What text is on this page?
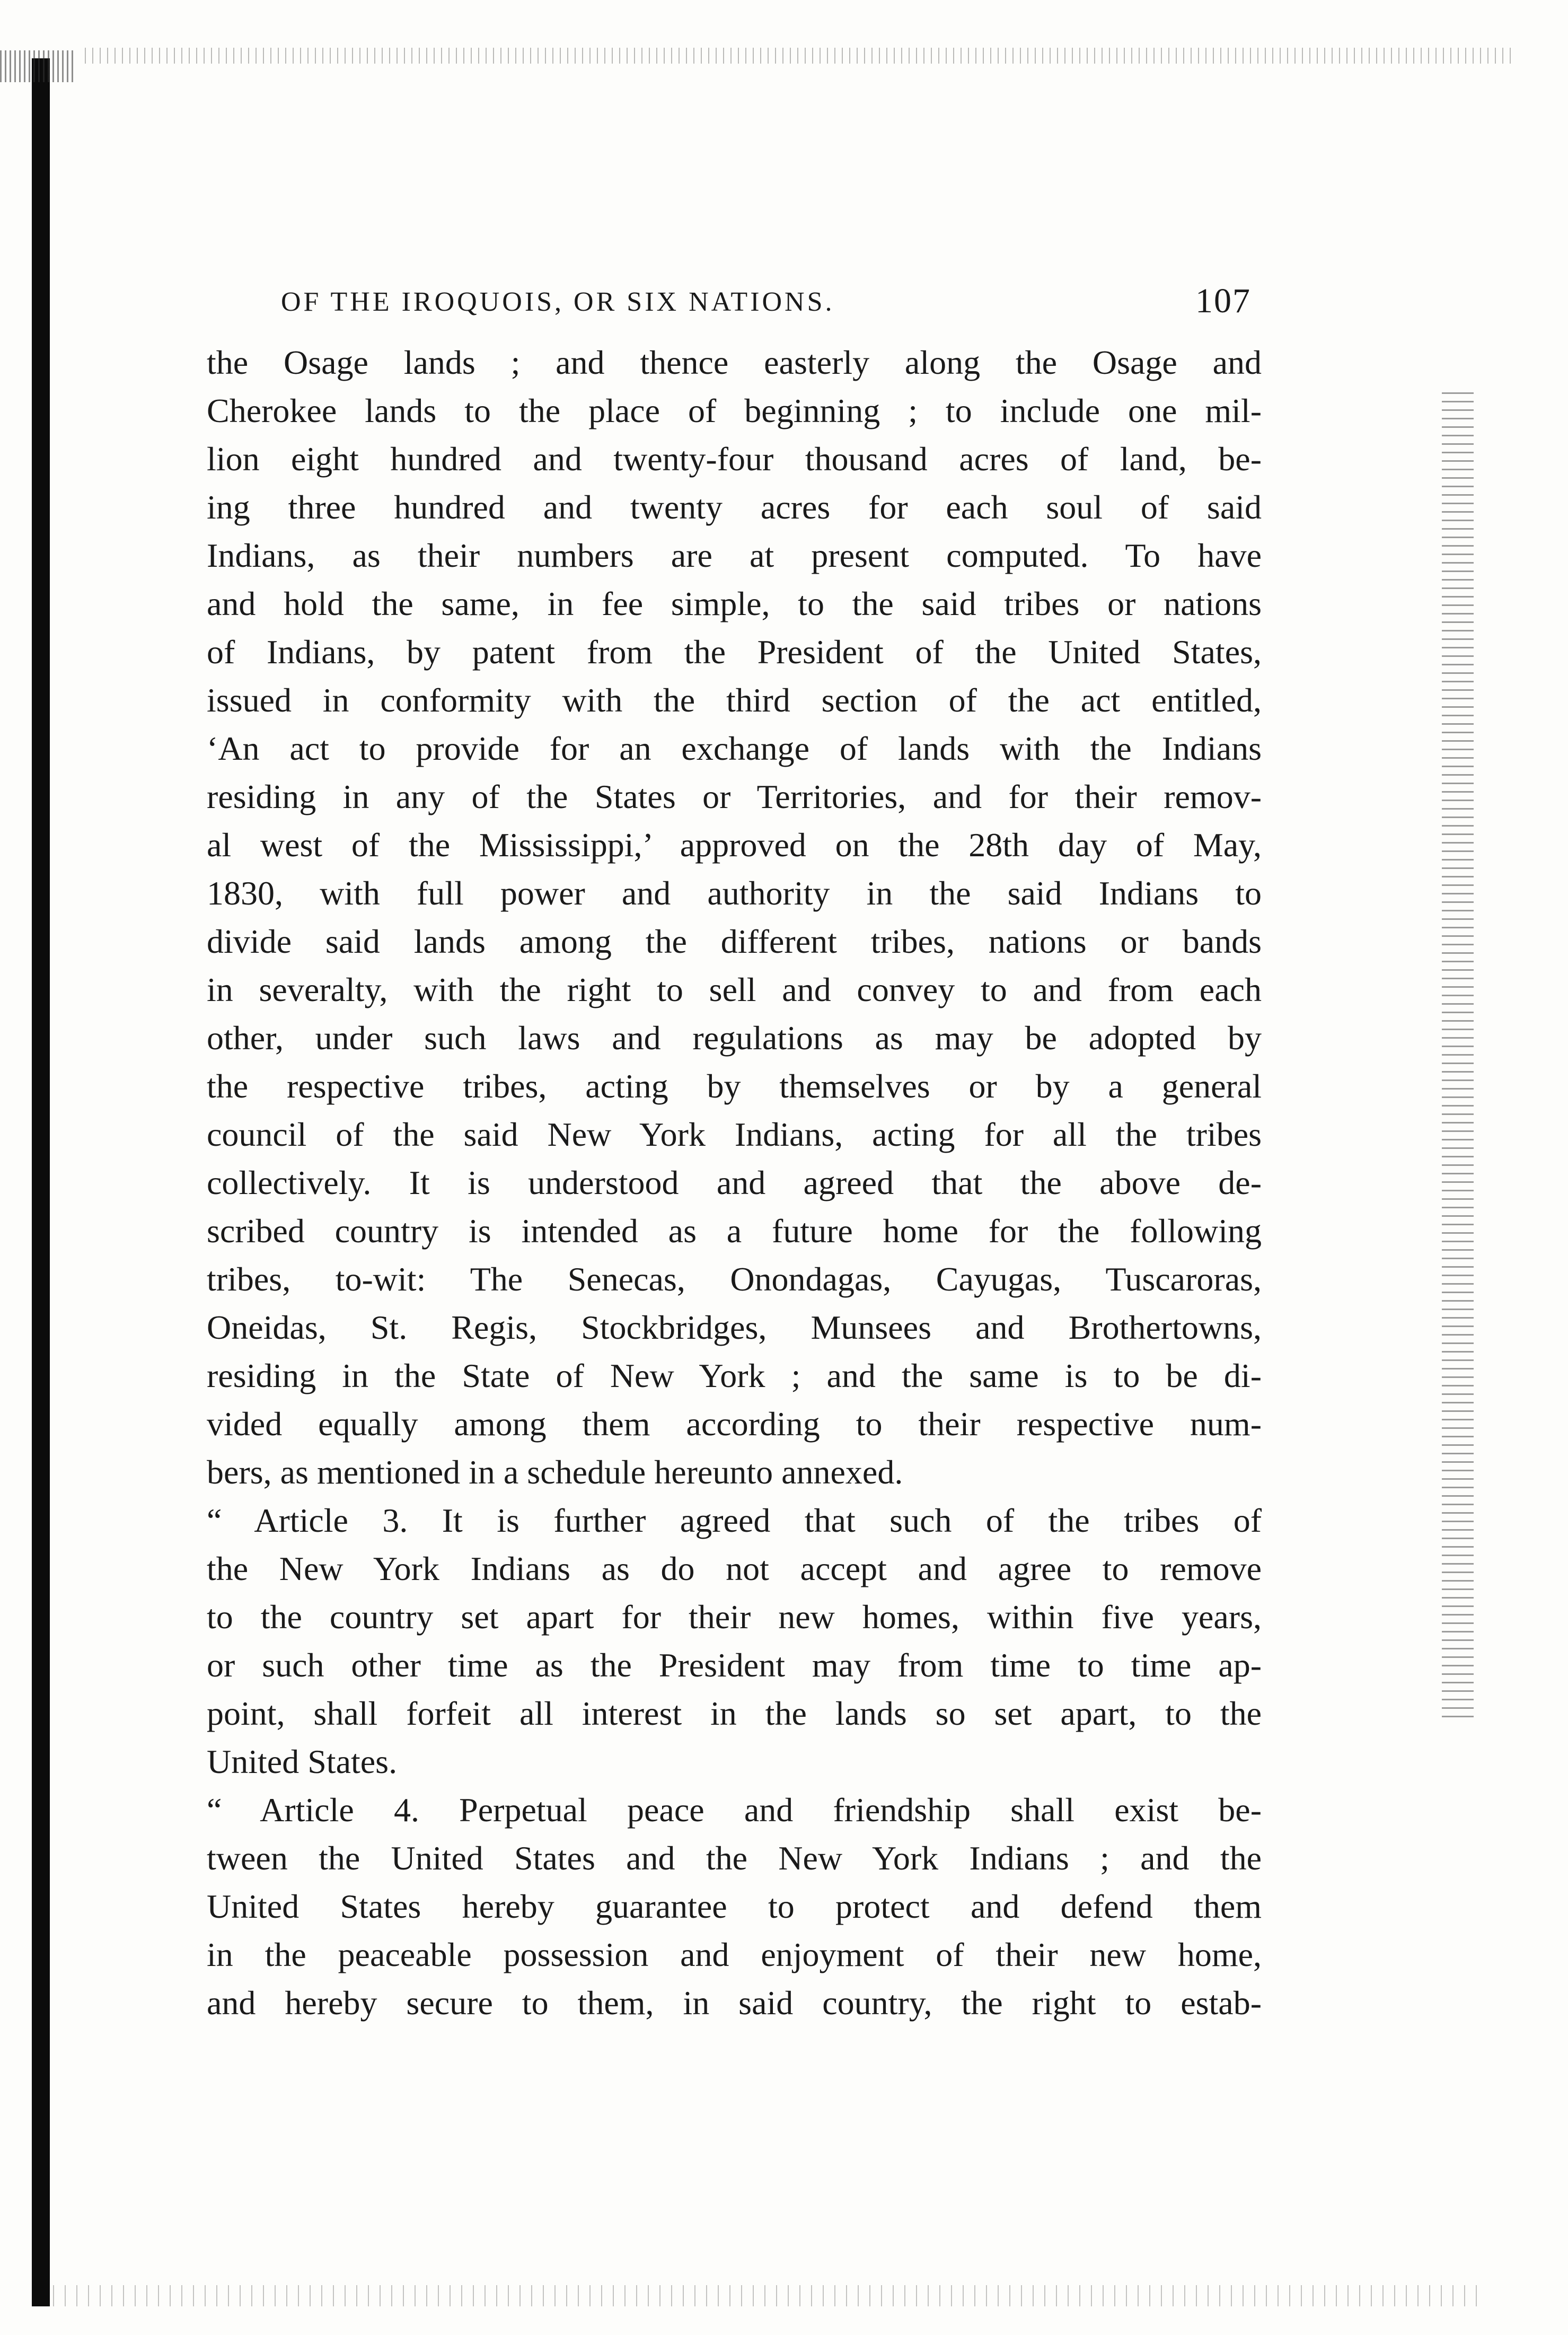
OF THE IROQUOIS, OR SIX NATIONS.	107
the Osage lands ; and thence easterly along the Osage and
Cherokee lands to the place of beginning ; to include one mil-
lion eight hundred and twenty-four thousand acres of land, be-
ing three hundred and twenty acres for each soul of said
Indians, as their numbers are at present computed. To have
and hold the same, in fee simple, to the said tribes or nations
of Indians, by patent from the President of the United States,
issued in conformity with the third section of the act entitled,
‘An act to provide for an exchange of lands with the Indians
residing in any of the States or Territories, and for their remov-
al west of the Mississippi,’ approved on the 28th day of May,
1830, with full power and authority in the said Indians to
divide said lands among the different tribes, nations or bands
in severalty, with the right to sell and convey to and from each
other, under such laws and regulations as may be adopted by
the respective tribes, acting by themselves or by a general
council of the said New York Indians, acting for all the tribes
collectively. It is understood and agreed that the above de-
scribed country is intended as a future home for the following
tribes, to-wit: The Senecas, Onondagas, Cayugas, Tuscaroras,
Oneidas, St. Regis, Stockbridges, Munsees and Brothertowns,
residing in the State of New York ; and the same is to be di-
vided equally among them according to their respective num-
bers, as mentioned in a schedule hereunto annexed.
“ Article 3. It is further agreed that such of the tribes of
the New York Indians as do not accept and agree to remove
to the country set apart for their new homes, within five years,
or such other time as the President may from time to time ap-
point, shall forfeit all interest in the lands so set apart, to the
United States.
“ Article 4. Perpetual peace and friendship shall exist be-
tween the United States and the New York Indians ; and the
United States hereby guarantee to protect and defend them
in the peaceable possession and enjoyment of their new home,
and hereby secure to them, in said country, the right to estab-
